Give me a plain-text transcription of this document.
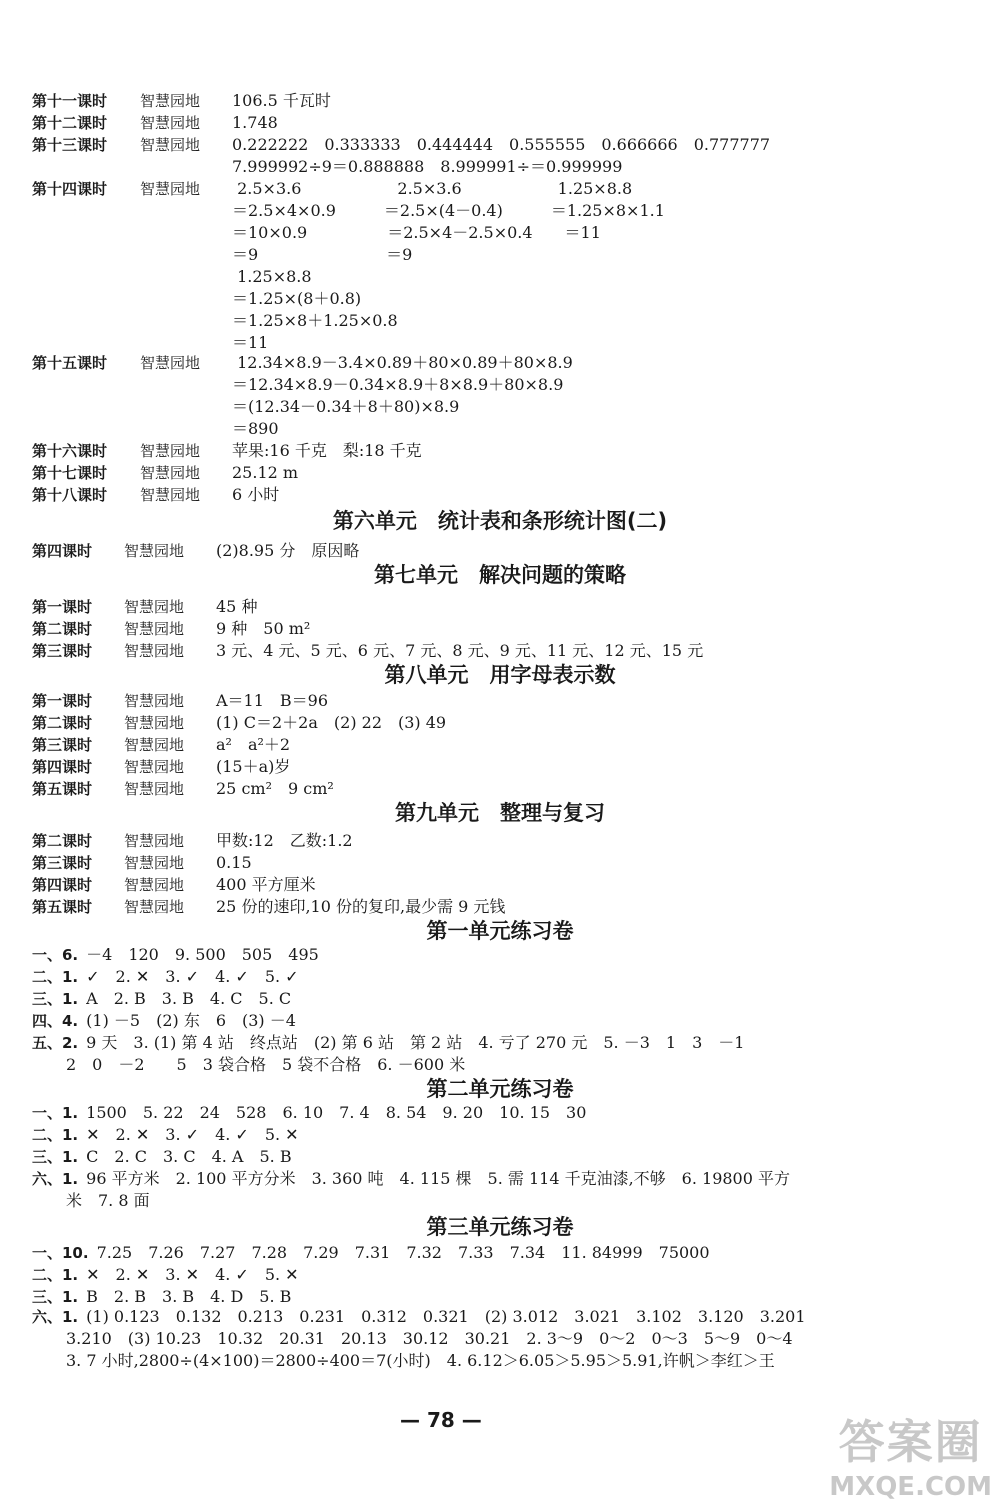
第十一课时 智慧园地 106.5 千瓦时
第十二课时 智慧园地 1.748
第十三课时 智慧园地 0.222222　0.333333　0.444444　0.555555　0.666666　0.777777
7.999992÷9＝0.888888　8.999991÷＝0.999999
第十四课时 智慧园地 2.5×3.6　　　　　　2.5×3.6　　　　　　1.25×8.8
＝2.5×4×0.9　　　＝2.5×(4－0.4)　　　＝1.25×8×1.1
＝10×0.9　　　　　＝2.5×4－2.5×0.4　　＝11
＝9　　　　　　　　＝9
1.25×8.8
＝1.25×(8＋0.8)
＝1.25×8＋1.25×0.8
＝11
第十五课时 智慧园地 12.34×8.9－3.4×0.89＋80×0.89＋80×8.9
＝12.34×8.9－0.34×8.9＋8×8.9＋80×8.9
＝(12.34－0.34＋8＋80)×8.9
＝890
第十六课时 智慧园地 苹果:16 千克　梨:18 千克
第十七课时 智慧园地 25.12 m
第十八课时 智慧园地 6 小时
第六单元　统计表和条形统计图(二)
第四课时 智慧园地 (2)8.95 分　原因略
第七单元　解决问题的策略
第一课时 智慧园地 45 种
第二课时 智慧园地 9 种　50 m²
第三课时 智慧园地 3 元、4 元、5 元、6 元、7 元、8 元、9 元、11 元、12 元、15 元
第八单元　用字母表示数
第一课时 智慧园地 A＝11　B＝96
第二课时 智慧园地 (1) C＝2＋2a　(2) 22　(3) 49
第三课时 智慧园地 a²　a²＋2
第四课时 智慧园地 (15＋a)岁
第五课时 智慧园地 25 cm²　9 cm²
第九单元　整理与复习
第二课时 智慧园地 甲数:12　乙数:1.2
第三课时 智慧园地 0.15
第四课时 智慧园地 400 平方厘米
第五课时 智慧园地 25 份的速印,10 份的复印,最少需 9 元钱
第一单元练习卷
一、6. －4　120　9. 500　505　495
二、1. ✓　2. ✕　3. ✓　4. ✓　5. ✓
三、1. A　2. B　3. B　4. C　5. C
四、4. (1) －5　(2) 东　6　(3) －4
五、2. 9 天　3. (1) 第 4 站　终点站　(2) 第 6 站　第 2 站　4. 亏了 270 元　5. －3　1　3　－1
2　0　－2　　5　3 袋合格　5 袋不合格　6. －600 米
第二单元练习卷
一、1. 1500　5. 22　24　528　6. 10　7. 4　8. 54　9. 20　10. 15　30
二、1. ✕　2. ✕　3. ✓　4. ✓　5. ✕
三、1. C　2. C　3. C　4. A　5. B
六、1. 96 平方米　2. 100 平方分米　3. 360 吨　4. 115 棵　5. 需 114 千克油漆,不够　6. 19800 平方
米　7. 8 面
第三单元练习卷
一、10. 7.25　7.26　7.27　7.28　7.29　7.31　7.32　7.33　7.34　11. 84999　75000
二、1. ✕　2. ✕　3. ✕　4. ✓　5. ✕
三、1. B　2. B　3. B　4. D　5. B
六、1. (1) 0.123　0.132　0.213　0.231　0.312　0.321　(2) 3.012　3.021　3.102　3.120　3.201
3.210　(3) 10.23　10.32　20.31　20.13　30.12　30.21　2. 3～9　0～2　0～3　5～9　0～4
3. 7 小时,2800÷(4×100)＝2800÷400＝7(小时)　4. 6.12＞6.05＞5.95＞5.91,许帆＞李红＞王
— 78 —	答案圈
MXQE.COM
